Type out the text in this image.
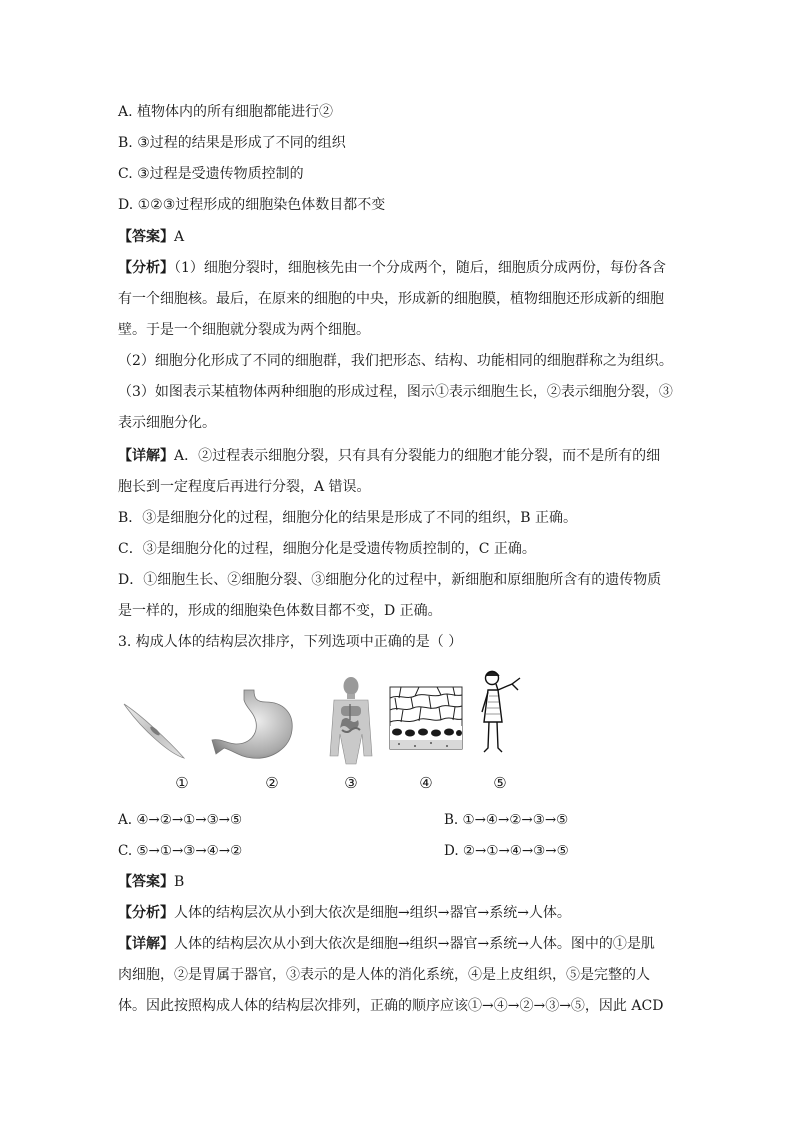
A. 植物体内的所有细胞都能进行②
B. ③过程的结果是形成了不同的组织
C. ③过程是受遗传物质控制的
D. ①②③过程形成的细胞染色体数目都不变
【答案】A
【分析】（1）细胞分裂时，细胞核先由一个分成两个，随后，细胞质分成两份，每份各含
有一个细胞核。最后，在原来的细胞的中央，形成新的细胞膜，植物细胞还形成新的细胞
壁。于是一个细胞就分裂成为两个细胞。
（2）细胞分化形成了不同的细胞群，我们把形态、结构、功能相同的细胞群称之为组织。
（3）如图表示某植物体两种细胞的形成过程，图示①表示细胞生长，②表示细胞分裂，③
表示细胞分化。
【详解】A．②过程表示细胞分裂，只有具有分裂能力的细胞才能分裂，而不是所有的细
胞长到一定程度后再进行分裂，A 错误。
B．③是细胞分化的过程，细胞分化的结果是形成了不同的组织，B 正确。
C．③是细胞分化的过程，细胞分化是受遗传物质控制的，C 正确。
D．①细胞生长、②细胞分裂、③细胞分化的过程中，新细胞和原细胞所含有的遗传物质
是一样的，形成的细胞染色体数目都不变，D 正确。
3. 构成人体的结构层次排序，下列选项中正确的是（ ）
①	②	③	④	⑤
A. ④→②→①→③→⑤	B. ①→④→②→③→⑤
C. ⑤→①→③→④→②	D. ②→①→④→③→⑤
【答案】B
【分析】人体的结构层次从小到大依次是细胞→组织→器官→系统→人体。
【详解】人体的结构层次从小到大依次是细胞→组织→器官→系统→人体。图中的①是肌
肉细胞，②是胃属于器官，③表示的是人体的消化系统，④是上皮组织，⑤是完整的人
体。因此按照构成人体的结构层次排列，正确的顺序应该①→④→②→③→⑤，因此 ACD
